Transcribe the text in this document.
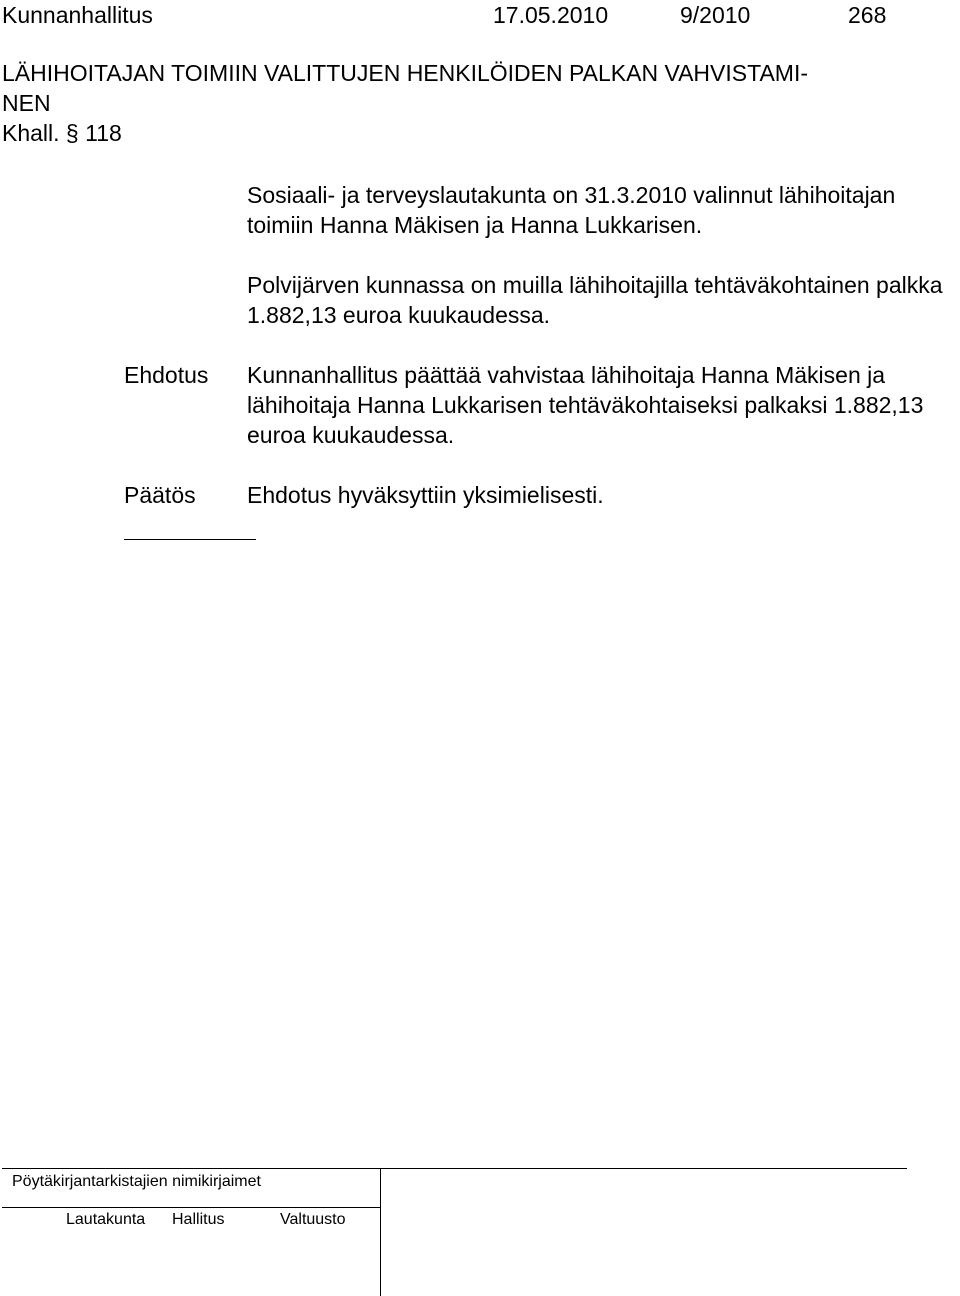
Kunnanhallitus	17.05.2010	9/2010	268
LÄHIHOITAJAN TOIMIIN VALITTUJEN HENKILÖIDEN PALKAN VAHVISTAMI-
NEN
Khall. § 118
Sosiaali- ja terveyslautakunta on 31.3.2010 valinnut lähihoitajan toimiin Hanna Mäkisen ja Hanna Lukkarisen.
Polvijärven kunnassa on muilla lähihoitajilla tehtäväkohtainen palkka 1.882,13 euroa kuukaudessa.
Ehdotus Kunnanhallitus päättää vahvistaa lähihoitaja Hanna Mäkisen ja lähihoitaja Hanna Lukkarisen tehtäväkohtaiseksi palkaksi 1.882,13 euroa kuukaudessa.
Päätös Ehdotus hyväksyttiin yksimielisesti.
Pöytäkirjantarkistajien nimikirjaimet
Lautakunta Hallitus	Valtuusto
